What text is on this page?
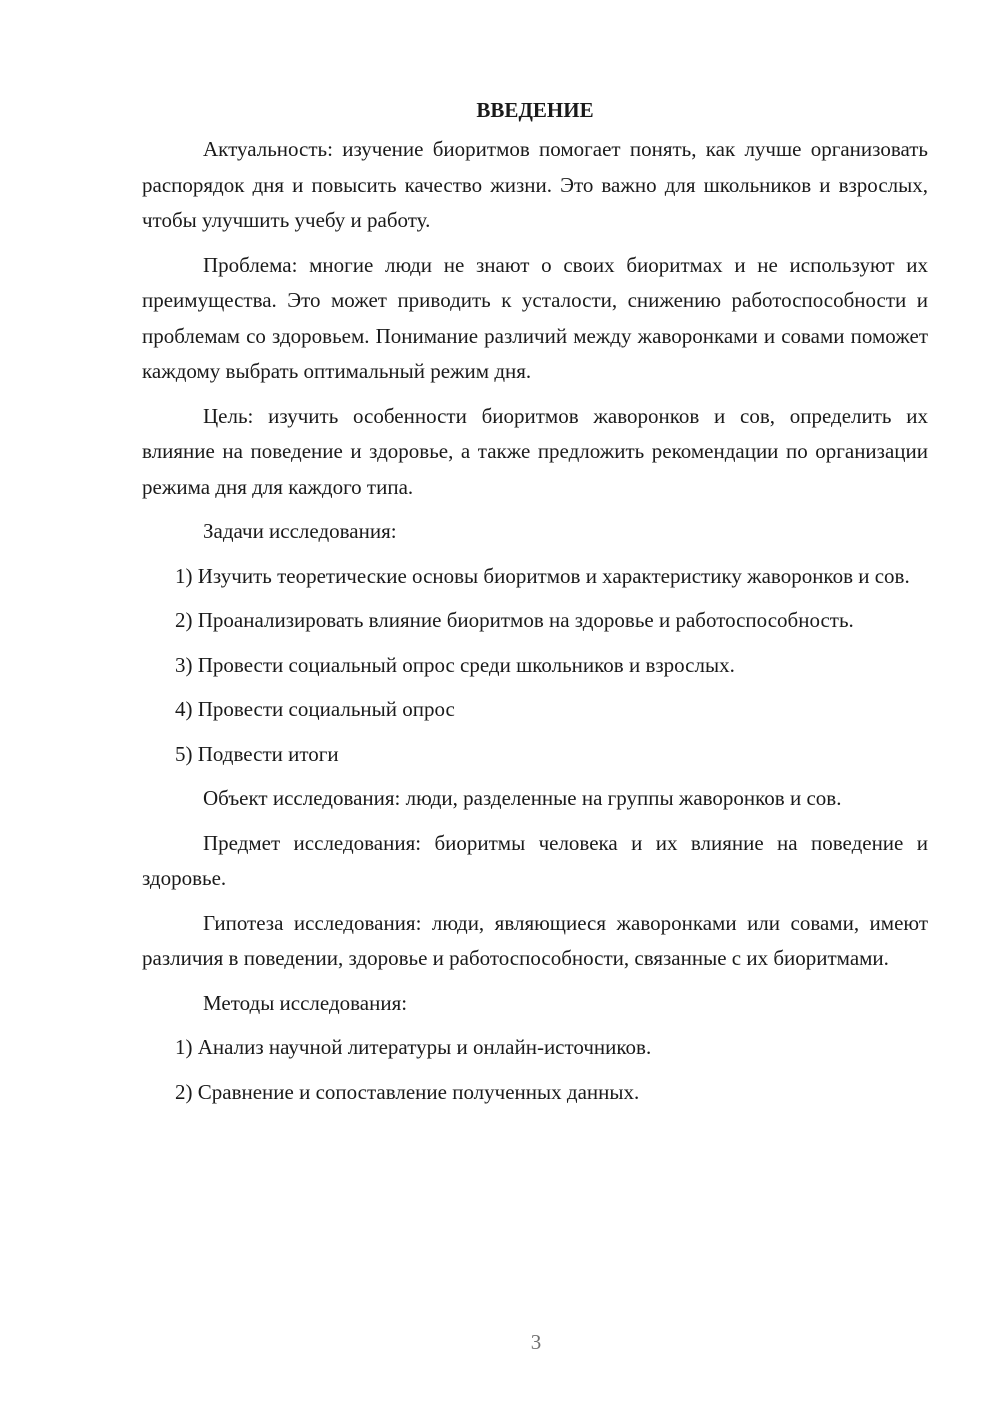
ВВЕДЕНИЕ

Актуальность: изучение биоритмов помогает понять, как лучше организовать распорядок дня и повысить качество жизни. Это важно для школьников и взрослых, чтобы улучшить учебу и работу.

Проблема: многие люди не знают о своих биоритмах и не используют их преимущества. Это может приводить к усталости, снижению работоспособности и проблемам со здоровьем. Понимание различий между жаворонками и совами поможет каждому выбрать оптимальный режим дня.

Цель: изучить особенности биоритмов жаворонков и сов, определить их влияние на поведение и здоровье, а также предложить рекомендации по организации режима дня для каждого типа.

Задачи исследования:

1) Изучить теоретические основы биоритмов и характеристику жаворонков и сов.

2) Проанализировать влияние биоритмов на здоровье и работоспособность.

3) Провести социальный опрос среди школьников и взрослых.

4) Провести социальный опрос

5) Подвести итоги

Объект исследования: люди, разделенные на группы жаворонков и сов.

Предмет исследования: биоритмы человека и их влияние на поведение и здоровье.

Гипотеза исследования: люди, являющиеся жаворонками или совами, имеют различия в поведении, здоровье и работоспособности, связанные с их биоритмами.

Методы исследования:

1) Анализ научной литературы и онлайн-источников.

2) Сравнение и сопоставление полученных данных.

3
